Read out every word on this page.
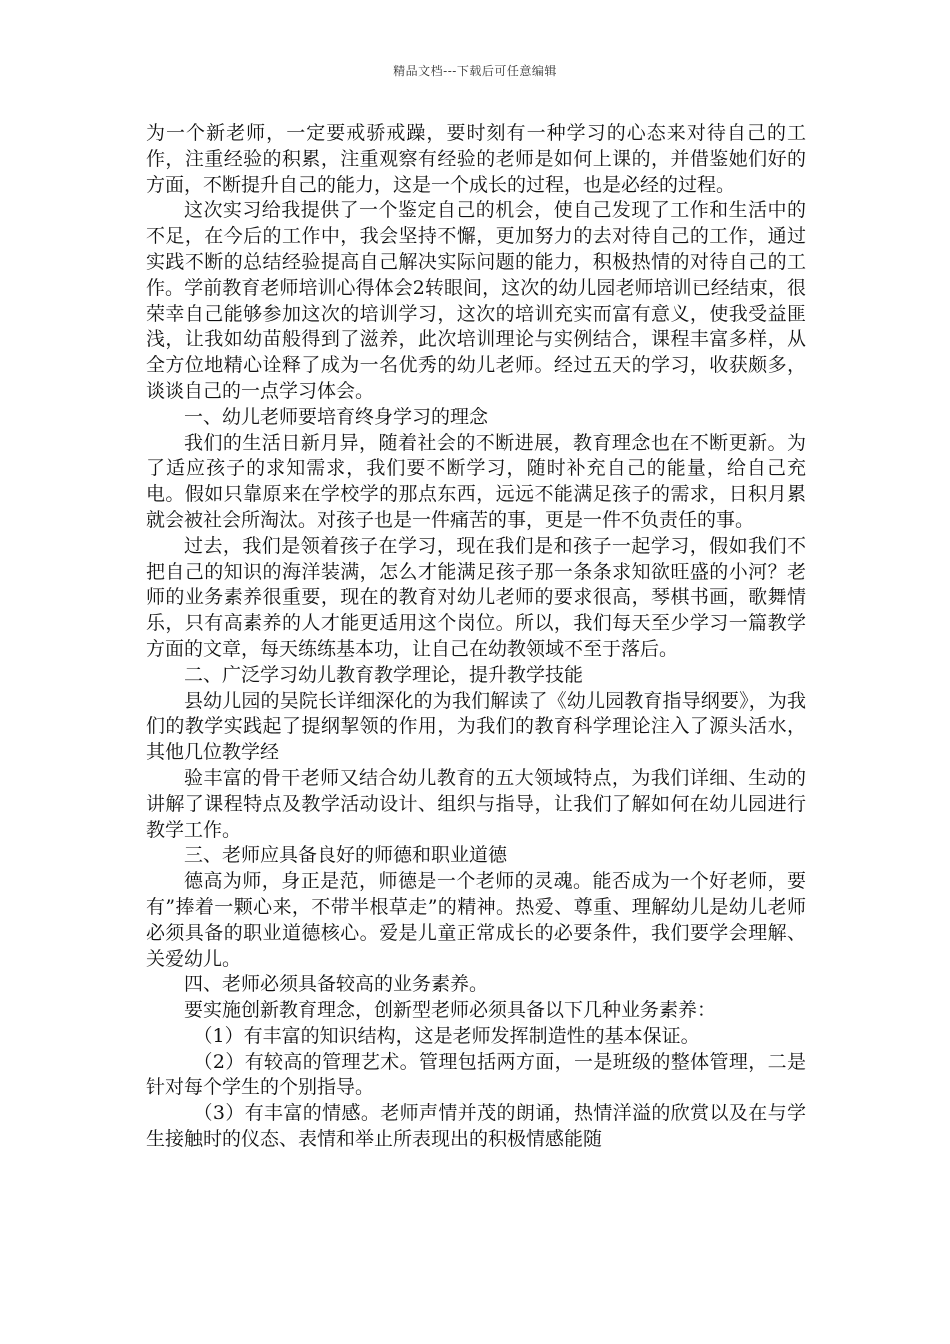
精品文档---下载后可任意编辑

为一个新老师，一定要戒骄戒躁，要时刻有一种学习的心态来对待自己的工作，注重经验的积累，注重观察有经验的老师是如何上课的，并借鉴她们好的方面，不断提升自己的能力，这是一个成长的过程，也是必经的过程。

这次实习给我提供了一个鉴定自己的机会，使自己发现了工作和生活中的不足，在今后的工作中，我会坚持不懈，更加努力的去对待自己的工作，通过实践不断的总结经验提高自己解决实际问题的能力，积极热情的对待自己的工作。学前教育老师培训心得体会2转眼间，这次的幼儿园老师培训已经结束，很荣幸自己能够参加这次的培训学习，这次的培训充实而富有意义，使我受益匪浅，让我如幼苗般得到了滋养，此次培训理论与实例结合，课程丰富多样，从全方位地精心诠释了成为一名优秀的幼儿老师。经过五天的学习，收获颇多，谈谈自己的一点学习体会。

一、幼儿老师要培育终身学习的理念

我们的生活日新月异，随着社会的不断进展，教育理念也在不断更新。为了适应孩子的求知需求，我们要不断学习，随时补充自己的能量，给自己充电。假如只靠原来在学校学的那点东西，远远不能满足孩子的需求，日积月累就会被社会所淘汰。对孩子也是一件痛苦的事，更是一件不负责任的事。

过去，我们是领着孩子在学习，现在我们是和孩子一起学习，假如我们不把自己的知识的海洋装满，怎么才能满足孩子那一条条求知欲旺盛的小河？老师的业务素养很重要，现在的教育对幼儿老师的要求很高，琴棋书画，歌舞情乐，只有高素养的人才能更适用这个岗位。所以，我们每天至少学习一篇教学方面的文章，每天练练基本功，让自己在幼教领域不至于落后。

二、广泛学习幼儿教育教学理论，提升教学技能

县幼儿园的吴院长详细深化的为我们解读了《幼儿园教育指导纲要》，为我们的教学实践起了提纲挈领的作用，为我们的教育科学理论注入了源头活水，其他几位教学经

验丰富的骨干老师又结合幼儿教育的五大领域特点，为我们详细、生动的讲解了课程特点及教学活动设计、组织与指导，让我们了解如何在幼儿园进行教学工作。

三、老师应具备良好的师德和职业道德

德高为师，身正是范，师德是一个老师的灵魂。能否成为一个好老师，要有”捧着一颗心来，不带半根草走”的精神。热爱、尊重、理解幼儿是幼儿老师必须具备的职业道德核心。爱是儿童正常成长的必要条件，我们要学会理解、关爱幼儿。

四、老师必须具备较高的业务素养。

要实施创新教育理念，创新型老师必须具备以下几种业务素养：

（1）有丰富的知识结构，这是老师发挥制造性的基本保证。

（2）有较高的管理艺术。管理包括两方面，一是班级的整体管理，二是针对每个学生的个别指导。

（3）有丰富的情感。老师声情并茂的朗诵，热情洋溢的欣赏以及在与学生接触时的仪态、表情和举止所表现出的积极情感能随
